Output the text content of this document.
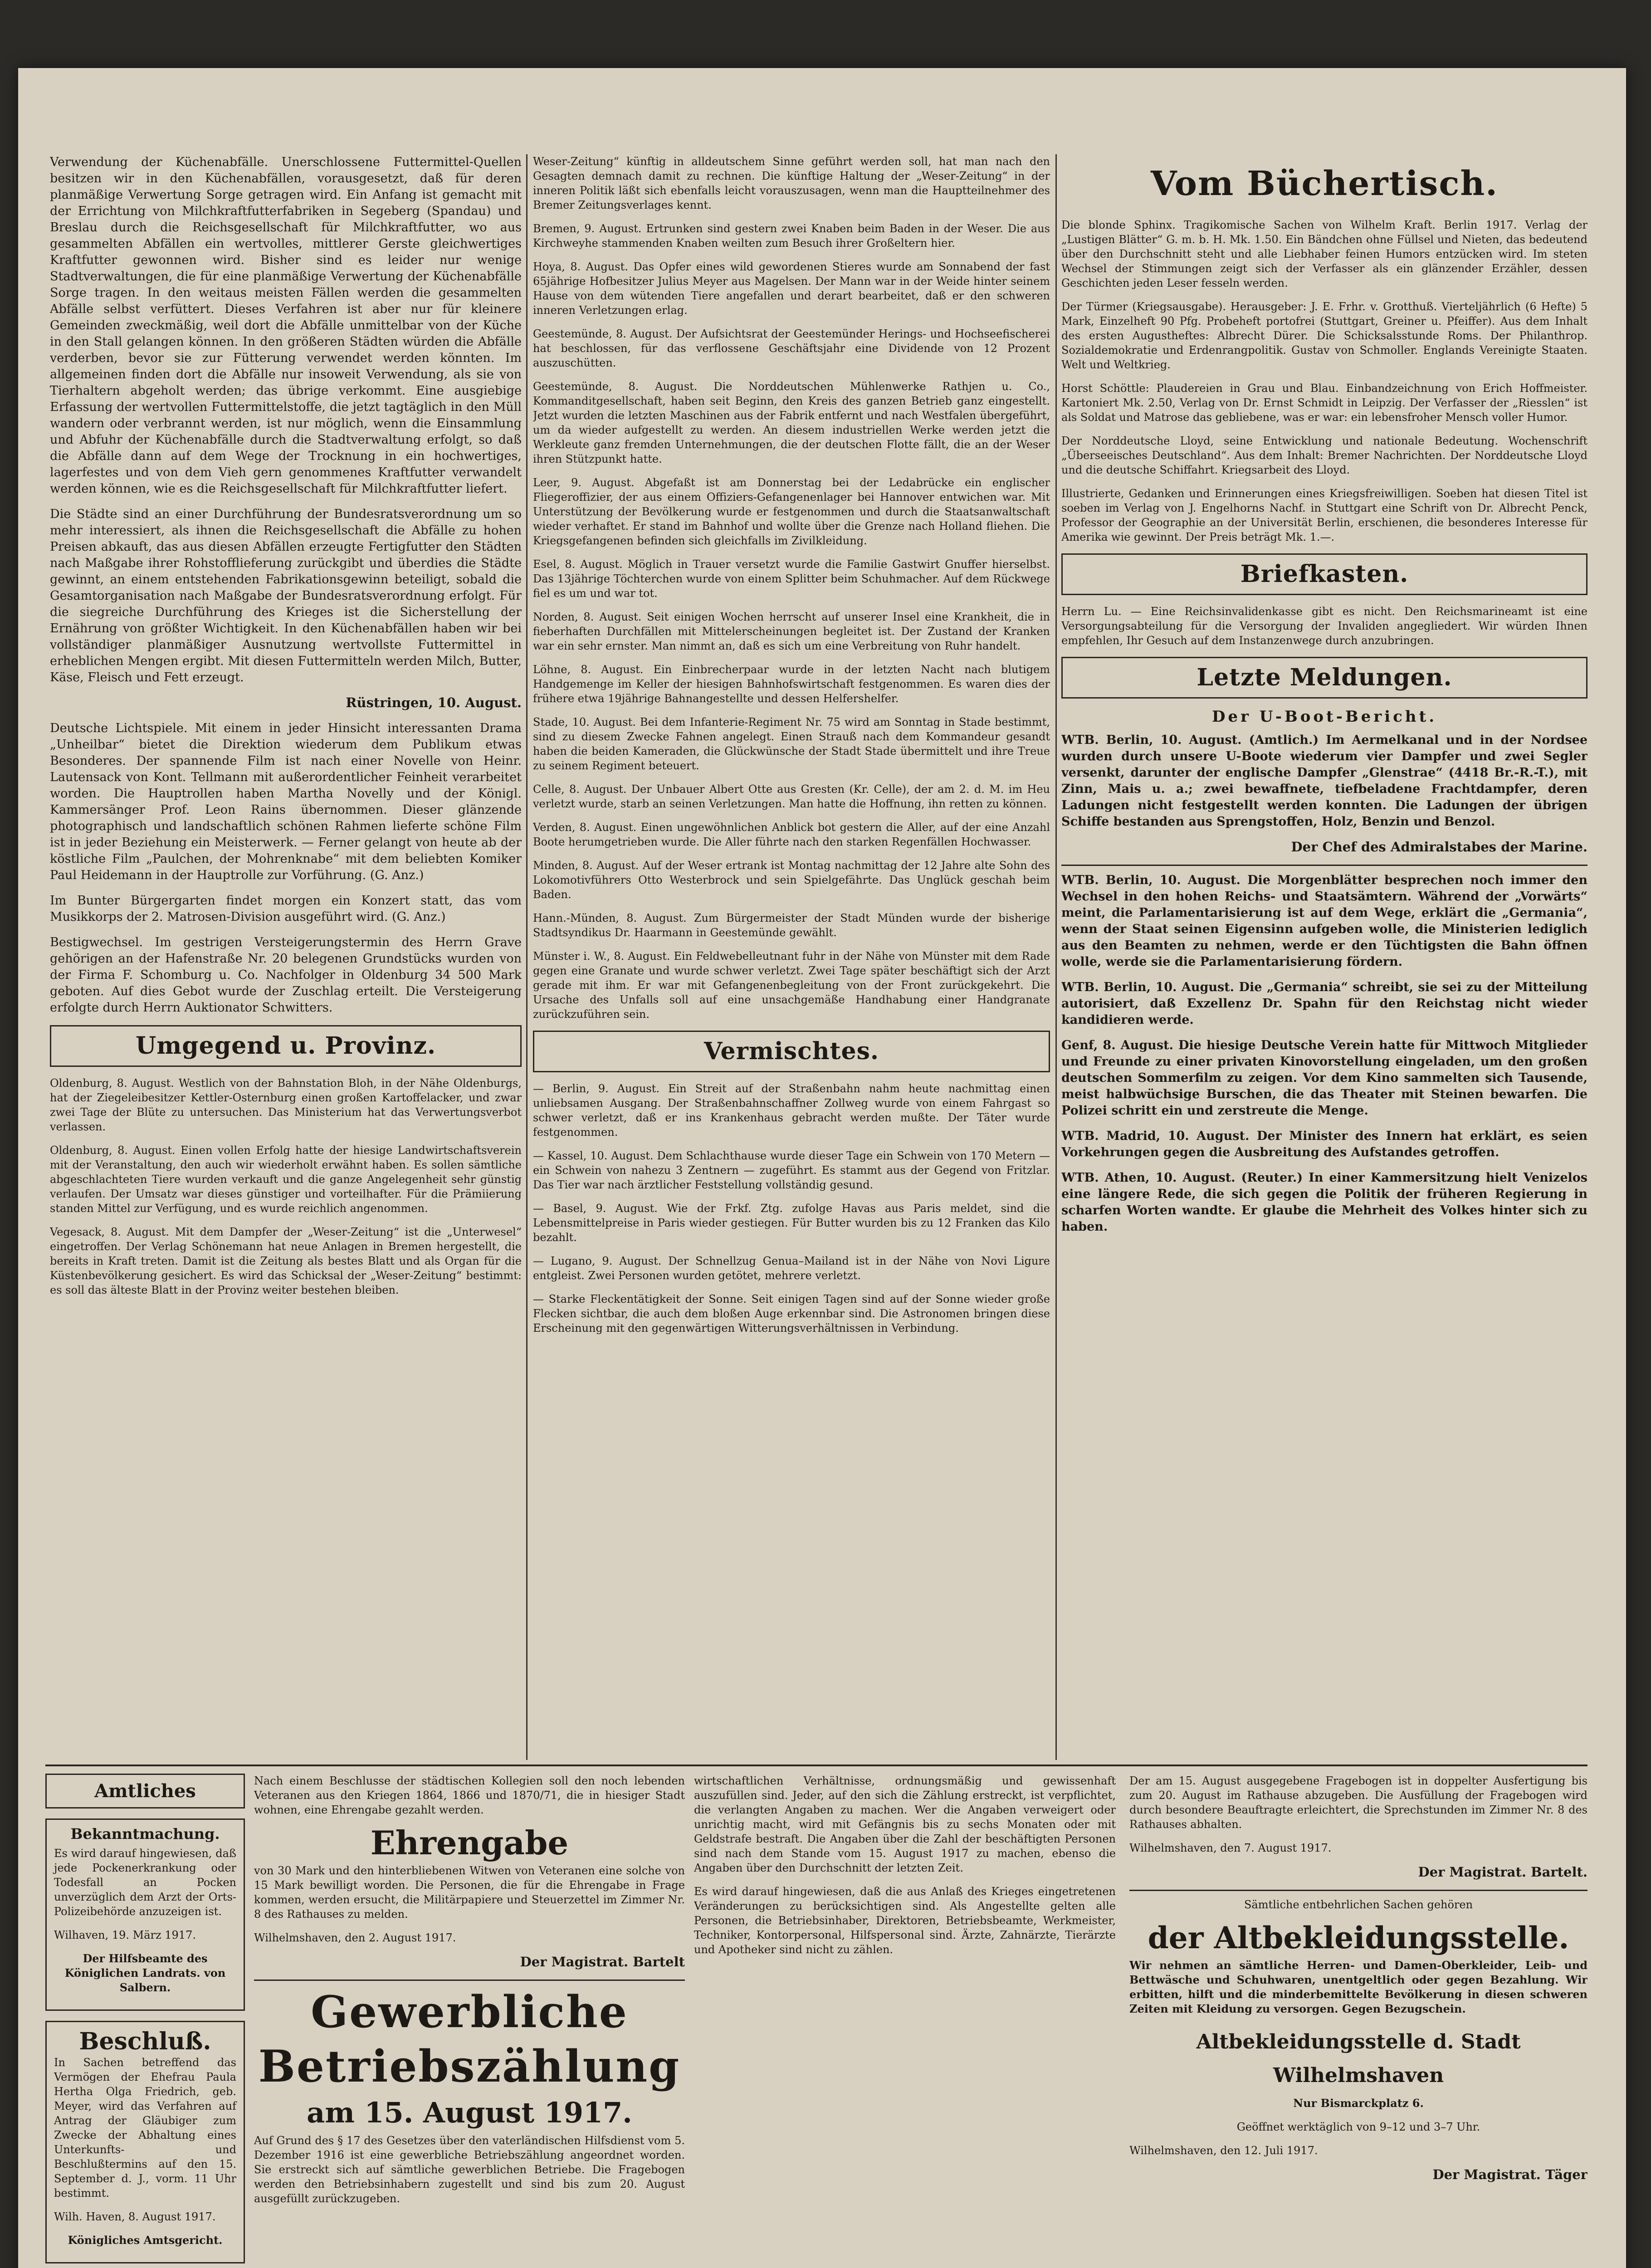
Verwendung der Küchenabfälle. Unerschlossene Futtermittel-Quellen besitzen wir in den Küchenabfällen, vorausgesetzt, daß für deren planmäßige Verwertung Sorge getragen wird. Ein Anfang ist gemacht mit der Errichtung von Milchkraftfutterfabriken in Segeberg (Spandau) und Breslau durch die Reichsgesellschaft für Milchkraftfutter, wo aus gesammelten Abfällen ein wertvolles, mittlerer Gerste gleichwertiges Kraftfutter gewonnen wird. Bisher sind es leider nur wenige Stadtverwaltungen, die für eine planmäßige Verwertung der Küchenabfälle Sorge tragen. In den weitaus meisten Fällen werden die gesammelten Abfälle selbst verfüttert. Dieses Verfahren ist aber nur für kleinere Gemeinden zweckmäßig, weil dort die Abfälle unmittelbar von der Küche in den Stall gelangen können. In den größeren Städten würden die Abfälle verderben, bevor sie zur Fütterung verwendet werden könnten. Im allgemeinen finden dort die Abfälle nur insoweit Verwendung, als sie von Tierhaltern abgeholt werden; das übrige verkommt. Eine ausgiebige Erfassung der wertvollen Futtermittelstoffe, die jetzt tagtäglich in den Müll wandern oder verbrannt werden, ist nur möglich, wenn die Einsammlung und Abfuhr der Küchenabfälle durch die Stadtverwaltung erfolgt, so daß die Abfälle dann auf dem Wege der Trocknung in ein hochwertiges, lagerfestes und von dem Vieh gern genommenes Kraftfutter verwandelt werden können, wie es die Reichsgesellschaft für Milchkraftfutter liefert.

Die Städte sind an einer Durchführung der Bundesratsverordnung um so mehr interessiert, als ihnen die Reichsgesellschaft die Abfälle zu hohen Preisen abkauft, das aus diesen Abfällen erzeugte Fertigfutter den Städten nach Maßgabe ihrer Rohstofflieferung zurückgibt und überdies die Städte gewinnt, an einem entstehenden Fabrikationsgewinn beteiligt, sobald die Gesamtorganisation nach Maßgabe der Bundesratsverordnung erfolgt. Für die siegreiche Durchführung des Krieges ist die Sicherstellung der Ernährung von größter Wichtigkeit. In den Küchenabfällen haben wir bei vollständiger planmäßiger Ausnutzung wertvollste Futtermittel in erheblichen Mengen ergibt. Mit diesen Futtermitteln werden Milch, Butter, Käse, Fleisch und Fett erzeugt.

Rüstringen, 10. August.

Deutsche Lichtspiele. Mit einem in jeder Hinsicht interessanten Drama „Unheilbar“ bietet die Direktion wiederum dem Publikum etwas Besonderes. Der spannende Film ist nach einer Novelle von Heinr. Lautensack von Kont. Tellmann mit außerordentlicher Feinheit verarbeitet worden. Die Hauptrollen haben Martha Novelly und der Königl. Kammersänger Prof. Leon Rains übernommen. Dieser glänzende photographisch und landschaftlich schönen Rahmen lieferte schöne Film ist in jeder Beziehung ein Meisterwerk. — Ferner gelangt von heute ab der köstliche Film „Paulchen, der Mohrenknabe“ mit dem beliebten Komiker Paul Heidemann in der Hauptrolle zur Vorführung. (G. Anz.)

Im Bunter Bürgergarten findet morgen ein Konzert statt, das vom Musikkorps der 2. Matrosen-Division ausgeführt wird. (G. Anz.)

Bestigwechsel. Im gestrigen Versteigerungstermin des Herrn Grave gehörigen an der Hafenstraße Nr. 20 belegenen Grundstücks wurden von der Firma F. Schomburg u. Co. Nachfolger in Oldenburg 34 500 Mark geboten. Auf dies Gebot wurde der Zuschlag erteilt. Die Versteigerung erfolgte durch Herrn Auktionator Schwitters.

Umgegend u. Provinz.

Oldenburg, 8. August. Westlich von der Bahnstation Bloh, in der Nähe Oldenburgs, hat der Ziegeleibesitzer Kettler-Osternburg einen großen Kartoffelacker, und zwar zwei Tage der Blüte zu untersuchen. Das Ministerium hat das Verwertungsverbot verlassen.

Oldenburg, 8. August. Einen vollen Erfolg hatte der hiesige Landwirtschaftsverein mit der Veranstaltung, den auch wir wiederholt erwähnt haben. Es sollen sämtliche abgeschlachteten Tiere wurden verkauft und die ganze Angelegenheit sehr günstig verlaufen. Der Umsatz war dieses günstiger und vorteilhafter. Für die Prämiierung standen Mittel zur Verfügung, und es wurde reichlich angenommen.

Vegesack, 8. August. Mit dem Dampfer der „Weser-Zeitung“ ist die „Unterwesel“ eingetroffen. Der Verlag Schönemann hat neue Anlagen in Bremen hergestellt, die bereits in Kraft treten. Damit ist die Zeitung als bestes Blatt und als Organ für die Küstenbevölkerung gesichert. Es wird das Schicksal der „Weser-Zeitung“ bestimmt: es soll das älteste Blatt in der Provinz weiter bestehen bleiben.

Weser-Zeitung“ künftig in alldeutschem Sinne geführt werden soll, hat man nach den Gesagten demnach damit zu rechnen. Die künftige Haltung der „Weser-Zeitung“ in der inneren Politik läßt sich ebenfalls leicht vorauszusagen, wenn man die Hauptteilnehmer des Bremer Zeitungsverlages kennt.

Bremen, 9. August. Ertrunken sind gestern zwei Knaben beim Baden in der Weser. Die aus Kirchweyhe stammenden Knaben weilten zum Besuch ihrer Großeltern hier.

Hoya, 8. August. Das Opfer eines wild gewordenen Stieres wurde am Sonnabend der fast 65jährige Hofbesitzer Julius Meyer aus Magelsen. Der Mann war in der Weide hinter seinem Hause von dem wütenden Tiere angefallen und derart bearbeitet, daß er den schweren inneren Verletzungen erlag.

Geestemünde, 8. August. Der Aufsichtsrat der Geestemünder Herings- und Hochseefischerei hat beschlossen, für das verflossene Geschäftsjahr eine Dividende von 12 Prozent auszuschütten.

Geestemünde, 8. August. Die Norddeutschen Mühlenwerke Rathjen u. Co., Kommanditgesellschaft, haben seit Beginn, den Kreis des ganzen Betrieb ganz eingestellt. Jetzt wurden die letzten Maschinen aus der Fabrik entfernt und nach Westfalen übergeführt, um da wieder aufgestellt zu werden. An diesem industriellen Werke werden jetzt die Werkleute ganz fremden Unternehmungen, die der deutschen Flotte fällt, die an der Weser ihren Stützpunkt hatte.

Leer, 9. August. Abgefaßt ist am Donnerstag bei der Ledabrücke ein englischer Fliegeroffizier, der aus einem Offiziers-Gefangenenlager bei Hannover entwichen war. Mit Unterstützung der Bevölkerung wurde er festgenommen und durch die Staatsanwaltschaft wieder verhaftet. Er stand im Bahnhof und wollte über die Grenze nach Holland fliehen. Die Kriegsgefangenen befinden sich gleichfalls im Zivilkleidung.

Esel, 8. August. Möglich in Trauer versetzt wurde die Familie Gastwirt Gnuffer hierselbst. Das 13jährige Töchterchen wurde von einem Splitter beim Schuhmacher. Auf dem Rückwege fiel es um und war tot.

Norden, 8. August. Seit einigen Wochen herrscht auf unserer Insel eine Krankheit, die in fieberhaften Durchfällen mit Mittelerscheinungen begleitet ist. Der Zustand der Kranken war ein sehr ernster. Man nimmt an, daß es sich um eine Verbreitung von Ruhr handelt.

Löhne, 8. August. Ein Einbrecherpaar wurde in der letzten Nacht nach blutigem Handgemenge im Keller der hiesigen Bahnhofswirtschaft festgenommen. Es waren dies der frühere etwa 19jährige Bahnangestellte und dessen Helfershelfer.

Stade, 10. August. Bei dem Infanterie-Regiment Nr. 75 wird am Sonntag in Stade bestimmt, sind zu diesem Zwecke Fahnen angelegt. Einen Strauß nach dem Kommandeur gesandt haben die beiden Kameraden, die Glückwünsche der Stadt Stade übermittelt und ihre Treue zu seinem Regiment beteuert.

Celle, 8. August. Der Unbauer Albert Otte aus Gresten (Kr. Celle), der am 2. d. M. im Heu verletzt wurde, starb an seinen Verletzungen. Man hatte die Hoffnung, ihn retten zu können.

Verden, 8. August. Einen ungewöhnlichen Anblick bot gestern die Aller, auf der eine Anzahl Boote herumgetrieben wurde. Die Aller führte nach den starken Regenfällen Hochwasser.

Minden, 8. August. Auf der Weser ertrank ist Montag nachmittag der 12 Jahre alte Sohn des Lokomotivführers Otto Westerbrock und sein Spielgefährte. Das Unglück geschah beim Baden.

Hann.-Münden, 8. August. Zum Bürgermeister der Stadt Münden wurde der bisherige Stadtsyndikus Dr. Haarmann in Geestemünde gewählt.

Münster i. W., 8. August. Ein Feldwebelleutnant fuhr in der Nähe von Münster mit dem Rade gegen eine Granate und wurde schwer verletzt. Zwei Tage später beschäftigt sich der Arzt gerade mit ihm. Er war mit Gefangenenbegleitung von der Front zurückgekehrt. Die Ursache des Unfalls soll auf eine unsachgemäße Handhabung einer Handgranate zurückzuführen sein.

Vermischtes.

— Berlin, 9. August. Ein Streit auf der Straßenbahn nahm heute nachmittag einen unliebsamen Ausgang. Der Straßenbahnschaffner Zollweg wurde von einem Fahrgast so schwer verletzt, daß er ins Krankenhaus gebracht werden mußte. Der Täter wurde festgenommen.

— Kassel, 10. August. Dem Schlachthause wurde dieser Tage ein Schwein von 170 Metern — ein Schwein von nahezu 3 Zentnern — zugeführt. Es stammt aus der Gegend von Fritzlar. Das Tier war nach ärztlicher Feststellung vollständig gesund.

— Basel, 9. August. Wie der Frkf. Ztg. zufolge Havas aus Paris meldet, sind die Lebensmittelpreise in Paris wieder gestiegen. Für Butter wurden bis zu 12 Franken das Kilo bezahlt.

— Lugano, 9. August. Der Schnellzug Genua–Mailand ist in der Nähe von Novi Ligure entgleist. Zwei Personen wurden getötet, mehrere verletzt.

— Starke Fleckentätigkeit der Sonne. Seit einigen Tagen sind auf der Sonne wieder große Flecken sichtbar, die auch dem bloßen Auge erkennbar sind. Die Astronomen bringen diese Erscheinung mit den gegenwärtigen Witterungsverhältnissen in Verbindung.

Vom Büchertisch.

Die blonde Sphinx. Tragikomische Sachen von Wilhelm Kraft. Berlin 1917. Verlag der „Lustigen Blätter“ G. m. b. H. Mk. 1.50. Ein Bändchen ohne Füllsel und Nieten, das bedeutend über den Durchschnitt steht und alle Liebhaber feinen Humors entzücken wird. Im steten Wechsel der Stimmungen zeigt sich der Verfasser als ein glänzender Erzähler, dessen Geschichten jeden Leser fesseln werden.

Der Türmer (Kriegsausgabe). Herausgeber: J. E. Frhr. v. Grotthuß. Vierteljährlich (6 Hefte) 5 Mark, Einzelheft 90 Pfg. Probeheft portofrei (Stuttgart, Greiner u. Pfeiffer). Aus dem Inhalt des ersten Augustheftes: Albrecht Dürer. Die Schicksalsstunde Roms. Der Philanthrop. Sozialdemokratie und Erdenrangpolitik. Gustav von Schmoller. Englands Vereinigte Staaten. Welt und Weltkrieg.

Horst Schöttle: Plaudereien in Grau und Blau. Einbandzeichnung von Erich Hoffmeister. Kartoniert Mk. 2.50, Verlag von Dr. Ernst Schmidt in Leipzig. Der Verfasser der „Riesslen“ ist als Soldat und Matrose das gebliebene, was er war: ein lebensfroher Mensch voller Humor.

Der Norddeutsche Lloyd, seine Entwicklung und nationale Bedeutung. Wochenschrift „Überseeisches Deutschland“. Aus dem Inhalt: Bremer Nachrichten. Der Norddeutsche Lloyd und die deutsche Schiffahrt. Kriegsarbeit des Lloyd.

Illustrierte, Gedanken und Erinnerungen eines Kriegsfreiwilligen. Soeben hat diesen Titel ist soeben im Verlag von J. Engelhorns Nachf. in Stuttgart eine Schrift von Dr. Albrecht Penck, Professor der Geographie an der Universität Berlin, erschienen, die besonderes Interesse für Amerika wie gewinnt. Der Preis beträgt Mk. 1.—.

Briefkasten.

Herrn Lu. — Eine Reichsinvalidenkasse gibt es nicht. Den Reichsmarineamt ist eine Versorgungsabteilung für die Versorgung der Invaliden angegliedert. Wir würden Ihnen empfehlen, Ihr Gesuch auf dem Instanzenwege durch anzubringen.

Letzte Meldungen.
Der U-Boot-Bericht.

WTB. Berlin, 10. August. (Amtlich.) Im Aermelkanal und in der Nordsee wurden durch unsere U-Boote wiederum vier Dampfer und zwei Segler versenkt, darunter der englische Dampfer „Glenstrae“ (4418 Br.-R.-T.), mit Zinn, Mais u. a.; zwei bewaffnete, tiefbeladene Frachtdampfer, deren Ladungen nicht festgestellt werden konnten. Die Ladungen der übrigen Schiffe bestanden aus Sprengstoffen, Holz, Benzin und Benzol.

Der Chef des Admiralstabes der Marine.

WTB. Berlin, 10. August. Die Morgenblätter besprechen noch immer den Wechsel in den hohen Reichs- und Staatsämtern. Während der „Vorwärts“ meint, die Parlamentarisierung ist auf dem Wege, erklärt die „Germania“, wenn der Staat seinen Eigensinn aufgeben wolle, die Ministerien lediglich aus den Beamten zu nehmen, werde er den Tüchtigsten die Bahn öffnen wolle, werde sie die Parlamentarisierung fördern.

WTB. Berlin, 10. August. Die „Germania“ schreibt, sie sei zu der Mitteilung autorisiert, daß Exzellenz Dr. Spahn für den Reichstag nicht wieder kandidieren werde.

Genf, 8. August. Die hiesige Deutsche Verein hatte für Mittwoch Mitglieder und Freunde zu einer privaten Kinovorstellung eingeladen, um den großen deutschen Sommerfilm zu zeigen. Vor dem Kino sammelten sich Tausende, meist halbwüchsige Burschen, die das Theater mit Steinen bewarfen. Die Polizei schritt ein und zerstreute die Menge.

WTB. Madrid, 10. August. Der Minister des Innern hat erklärt, es seien Vorkehrungen gegen die Ausbreitung des Aufstandes getroffen.

WTB. Athen, 10. August. (Reuter.) In einer Kammersitzung hielt Venizelos eine längere Rede, die sich gegen die Politik der früheren Regierung in scharfen Worten wandte. Er glaube die Mehrheit des Volkes hinter sich zu haben.

Amtliches
Bekanntmachung.

Es wird darauf hingewiesen, daß jede Pockenerkrankung oder Todesfall an Pocken unverzüglich dem Arzt der Orts-Polizeibehörde anzuzeigen ist.

Wilhaven, 19. März 1917.

Der Hilfsbeamte des Königlichen Landrats. von Salbern.

Beschluß.

In Sachen betreffend das Vermögen der Ehefrau Paula Hertha Olga Friedrich, geb. Meyer, wird das Verfahren auf Antrag der Gläubiger zum Zwecke der Abhaltung eines Unterkunfts- und Beschlußtermins auf den 15. September d. J., vorm. 11 Uhr bestimmt.

Wilh. Haven, 8. August 1917.

Königliches Amtsgericht.

Nach einem Beschlusse der städtischen Kollegien soll den noch lebenden Veteranen aus den Kriegen 1864, 1866 und 1870/71, die in hiesiger Stadt wohnen, eine Ehrengabe gezahlt werden.

Ehrengabe

von 30 Mark und den hinterbliebenen Witwen von Veteranen eine solche von 15 Mark bewilligt worden. Die Personen, die für die Ehrengabe in Frage kommen, werden ersucht, die Militärpapiere und Steuerzettel im Zimmer Nr. 8 des Rathauses zu melden.

Wilhelmshaven, den 2. August 1917.

Der Magistrat. Bartelt
Gewerbliche
Betriebszählung
am 15. August 1917.

Auf Grund des § 17 des Gesetzes über den vaterländischen Hilfsdienst vom 5. Dezember 1916 ist eine gewerbliche Betriebszählung angeordnet worden. Sie erstreckt sich auf sämtliche gewerblichen Betriebe. Die Fragebogen werden den Betriebsinhabern zugestellt und sind bis zum 20. August ausgefüllt zurückzugeben.

wirtschaftlichen Verhältnisse, ordnungsmäßig und gewissenhaft auszufüllen sind. Jeder, auf den sich die Zählung erstreckt, ist verpflichtet, die verlangten Angaben zu machen. Wer die Angaben verweigert oder unrichtig macht, wird mit Gefängnis bis zu sechs Monaten oder mit Geldstrafe bestraft. Die Angaben über die Zahl der beschäftigten Personen sind nach dem Stande vom 15. August 1917 zu machen, ebenso die Angaben über den Durchschnitt der letzten Zeit.

Es wird darauf hingewiesen, daß die aus Anlaß des Krieges eingetretenen Veränderungen zu berücksichtigen sind. Als Angestellte gelten alle Personen, die Betriebsinhaber, Direktoren, Betriebsbeamte, Werkmeister, Techniker, Kontorpersonal, Hilfspersonal sind. Ärzte, Zahnärzte, Tierärzte und Apotheker sind nicht zu zählen.

Der am 15. August ausgegebene Fragebogen ist in doppelter Ausfertigung bis zum 20. August im Rathause abzugeben. Die Ausfüllung der Fragebogen wird durch besondere Beauftragte erleichtert, die Sprechstunden im Zimmer Nr. 8 des Rathauses abhalten.

Wilhelmshaven, den 7. August 1917.

Der Magistrat. Bartelt.

Sämtliche entbehrlichen Sachen gehören

der Altbekleidungsstelle.

Wir nehmen an sämtliche Herren- und Damen-Oberkleider, Leib- und Bettwäsche und Schuhwaren, unentgeltlich oder gegen Bezahlung. Wir erbitten, hilft und die minderbemittelte Bevölkerung in diesen schweren Zeiten mit Kleidung zu versorgen. Gegen Bezugschein.

Altbekleidungsstelle d. Stadt Wilhelmshaven

Nur Bismarckplatz 6.

Geöffnet werktäglich von 9–12 und 3–7 Uhr.

Wilhelmshaven, den 12. Juli 1917.

Der Magistrat. Täger
